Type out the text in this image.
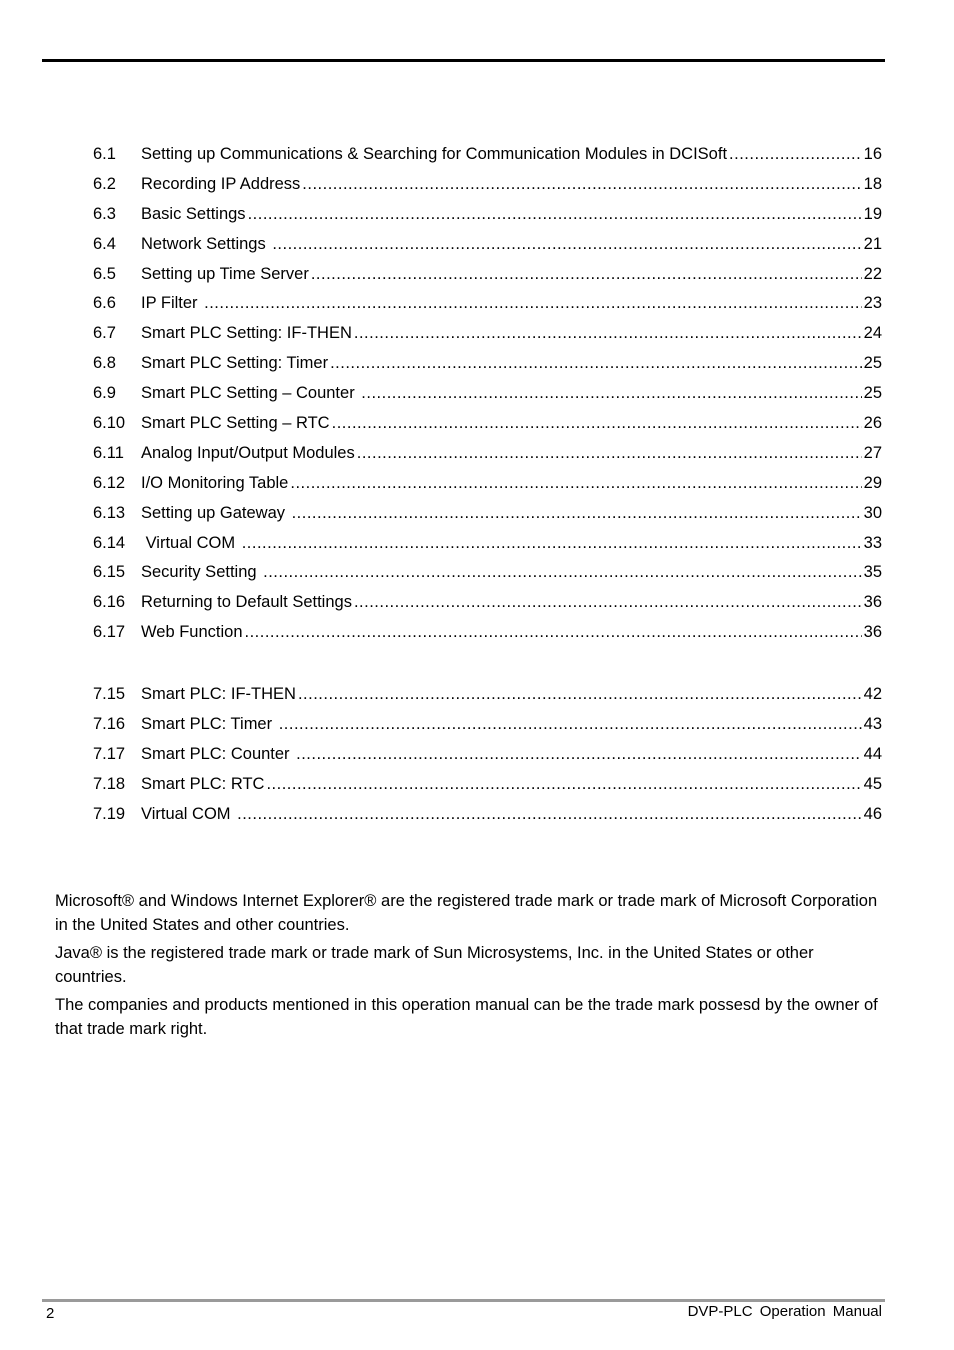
6.1	Setting up Communications & Searching for Communication Modules in DCISoft .....	16
6.2	Recording IP Address .....	18
6.3	Basic Settings .....	19
6.4	Network Settings .....	21
6.5	Setting up Time Server .....	22
6.6	IP Filter .....	23
6.7	Smart PLC Setting: IF-THEN .....	24
6.8	Smart PLC Setting: Timer .....	25
6.9	Smart PLC Setting – Counter .....	25
6.10 Smart PLC Setting – RTC .....	26
6.11	Analog Input/Output Modules .....	27
6.12 I/O Monitoring Table .....	29
6.13 Setting up Gateway .....	30
6.14 Virtual COM .....	33
6.15 Security Setting .....	35
6.16 Returning to Default Settings .....	36
6.17 Web Function .....	36
7.15 Smart PLC: IF-THEN .....	42
7.16 Smart PLC: Timer .....	43
7.17 Smart PLC: Counter .....	44
7.18 Smart PLC: RTC .....	45
7.19 Virtual COM .....	46

Microsoft® and Windows Internet Explorer® are the registered trade mark or trade mark of Microsoft Corporation in the United States and other countries.

Java® is the registered trade mark or trade mark of Sun Microsystems, Inc. in the United States or other countries.

The companies and products mentioned in this operation manual can be the trade mark possesd by the owner of that trade mark right.

2	DVP-PLC Operation Manual
